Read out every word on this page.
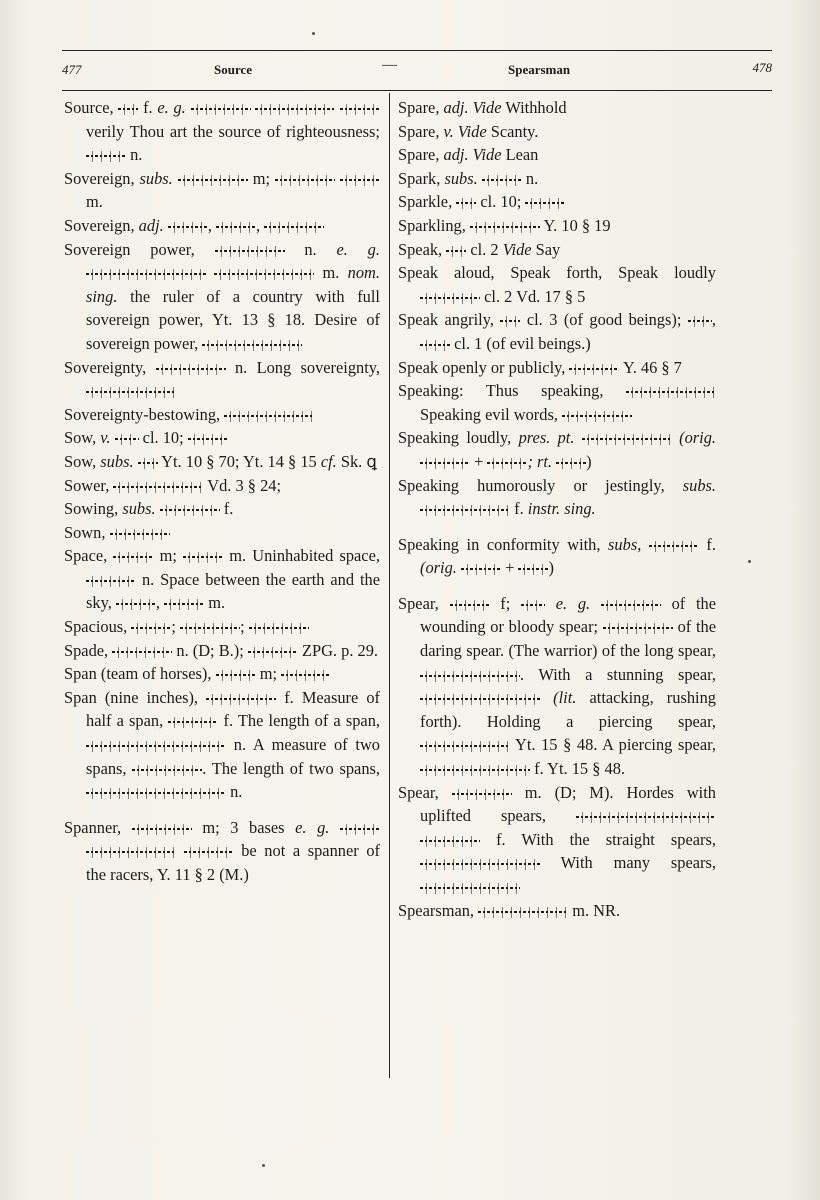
477	Source	—	Spearsman	478

Source, f. e. g.    verily Thou art the source of righteousness;  n.

Sovereign, subs.	m;   m.

Sovereign, adj.	, ,

Sovereign power,	n. e. g.   m. nom. sing. the ruler of a country with full sovereign power, Yt. 13 § 18. Desire of sovereign power,

Sovereignty,	n. Long sovereignty,

Sovereignty-bestowing,

Sow, v. cl. 10;

Sow, subs. Yt. 10 § 70; Yt. 14 § 15 cf. Sk. ꝗ

Sower,	Vd. 3 § 24;

Sowing, subs.	f.

Sown,

Space,	m;	m. Uninhabited space,  n. Space between the earth and the sky,	,	m.

Spacious,	;	;

Spade,	n. (D; B.);	ZPG. p. 29.

Span (team of horses),	m;

Span (nine inches),	f. Measure of half a span,	f. The length of a span,  n. A measure of two spans,	. The length of two spans,  n.

Spanner,	m; 3 bases e. g.    be not a spanner of the racers, Y. 11 § 2 (M.)

Spare, adj. Vide Withhold

Spare, v. Vide Scanty.

Spare, adj. Vide Lean

Spark, subs.	n.

Sparkle, cl. 10;

Sparkling,	Y. 10 § 19

Speak, cl. 2 Vide Say

Speak aloud, Speak forth, Speak loudly  cl. 2 Vd. 17 § 5

Speak angrily, cl. 3 (of good beings); ,  cl. 1 (of evil beings.)

Speak openly or publicly,	Y. 46 § 7

Speaking: Thus speaking,  Speaking evil words,

Speaking loudly, pres. pt.	(orig.  +	; rt. )

Speaking humorously or jestingly, subs.  f. instr. sing.

Speaking in conformity with, subs,	f. (orig.	+ )

Spear,	f;	e. g.	of the wounding or bloody spear;	of the daring spear. (The warrior) of the long spear, . With a stunning spear,  (lit. attacking, rushing forth). Holding a piercing spear,  Yt. 15 § 48. A piercing spear,  f. Yt. 15 § 48.

Spear,	m. (D; M). Hordes with uplifted spears,   f. With the straight spears,  With many spears,

Spearsman,	m. NR.
